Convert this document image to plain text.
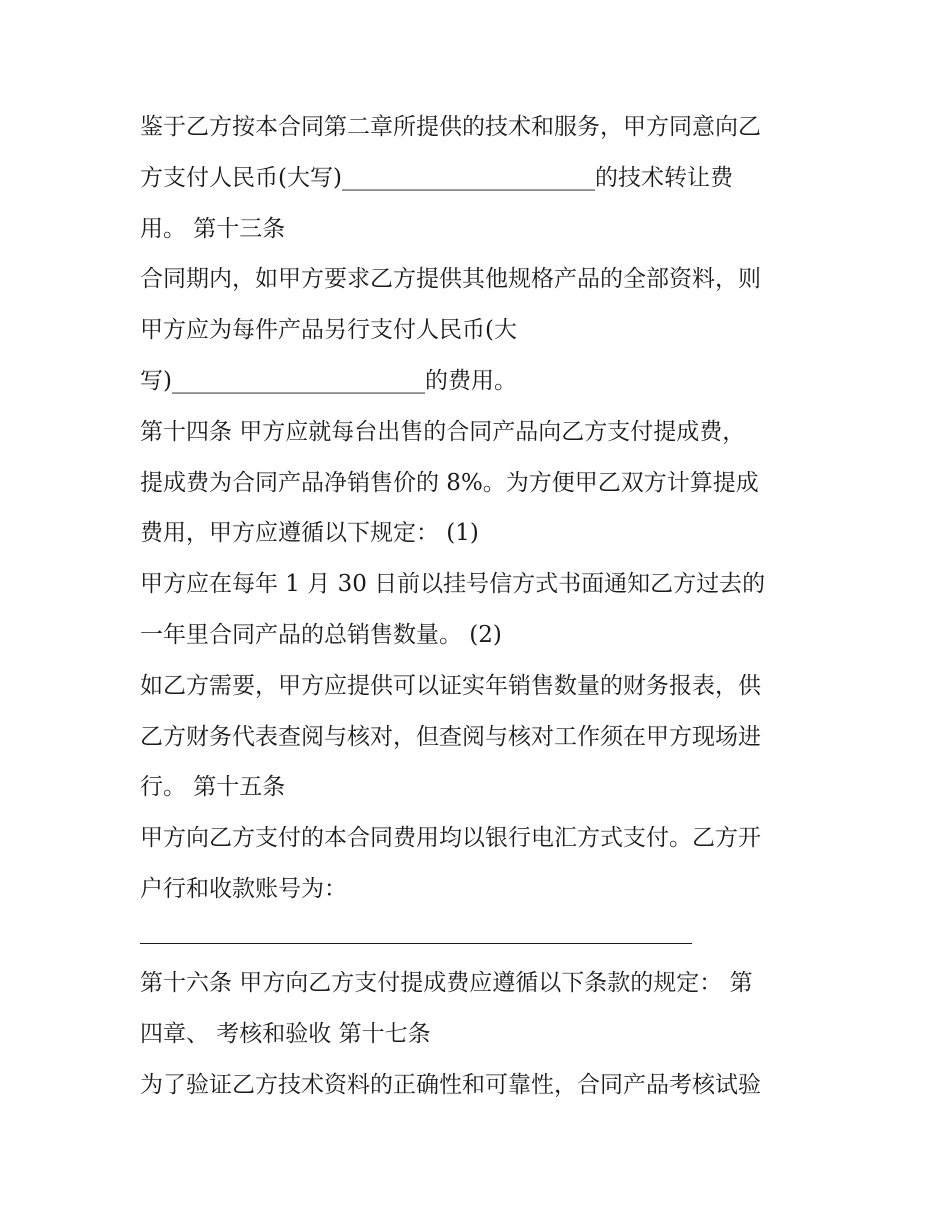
鉴于乙方按本合同第二章所提供的技术和服务，甲方同意向乙
方支付人民币(大写)______________________的技术转让费
用。 第十三条
合同期内，如甲方要求乙方提供其他规格产品的全部资料，则
甲方应为每件产品另行支付人民币(大
写)______________________的费用。
第十四条 甲方应就每台出售的合同产品向乙方支付提成费，
提成费为合同产品净销售价的 8%。为方便甲乙双方计算提成
费用，甲方应遵循以下规定： (1)
甲方应在每年 1 月 30 日前以挂号信方式书面通知乙方过去的
一年里合同产品的总销售数量。 (2)
如乙方需要，甲方应提供可以证实年销售数量的财务报表，供
乙方财务代表查阅与核对，但查阅与核对工作须在甲方现场进
行。 第十五条
甲方向乙方支付的本合同费用均以银行电汇方式支付。乙方开
户行和收款账号为：
第十六条 甲方向乙方支付提成费应遵循以下条款的规定： 第
四章、 考核和验收 第十七条
为了验证乙方技术资料的正确性和可靠性，合同产品考核试验
